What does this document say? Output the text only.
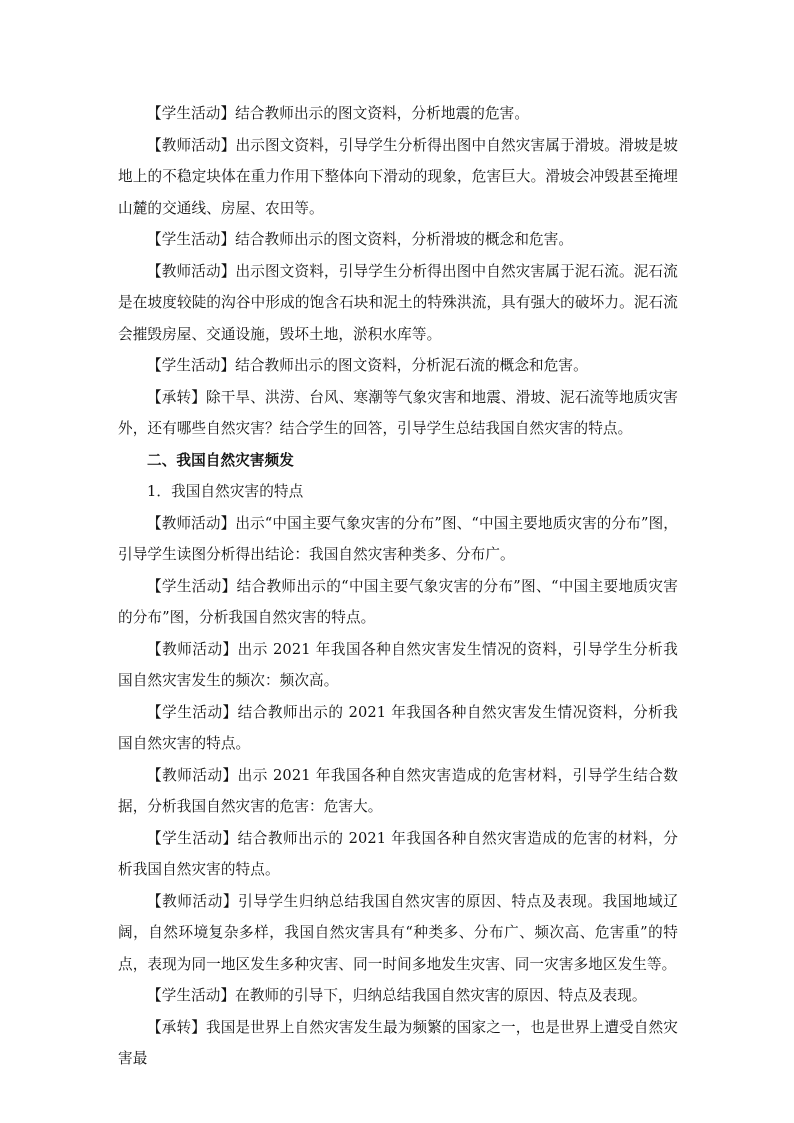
【学生活动】结合教师出示的图文资料，分析地震的危害。

【教师活动】出示图文资料，引导学生分析得出图中自然灾害属于滑坡。滑坡是坡地上的不稳定块体在重力作用下整体向下滑动的现象，危害巨大。滑坡会冲毁甚至掩埋山麓的交通线、房屋、农田等。

【学生活动】结合教师出示的图文资料，分析滑坡的概念和危害。

【教师活动】出示图文资料，引导学生分析得出图中自然灾害属于泥石流。泥石流是在坡度较陡的沟谷中形成的饱含石块和泥土的特殊洪流，具有强大的破坏力。泥石流会摧毁房屋、交通设施，毁坏土地，淤积水库等。

【学生活动】结合教师出示的图文资料，分析泥石流的概念和危害。

【承转】除干旱、洪涝、台风、寒潮等气象灾害和地震、滑坡、泥石流等地质灾害外，还有哪些自然灾害？结合学生的回答，引导学生总结我国自然灾害的特点。

二、我国自然灾害频发

1．我国自然灾害的特点

【教师活动】出示“中国主要气象灾害的分布”图、“中国主要地质灾害的分布”图，引导学生读图分析得出结论：我国自然灾害种类多、分布广。

【学生活动】结合教师出示的“中国主要气象灾害的分布”图、“中国主要地质灾害的分布”图，分析我国自然灾害的特点。

【教师活动】出示 2021 年我国各种自然灾害发生情况的资料，引导学生分析我国自然灾害发生的频次：频次高。

【学生活动】结合教师出示的 2021 年我国各种自然灾害发生情况资料，分析我国自然灾害的特点。

【教师活动】出示 2021 年我国各种自然灾害造成的危害材料，引导学生结合数据，分析我国自然灾害的危害：危害大。

【学生活动】结合教师出示的 2021 年我国各种自然灾害造成的危害的材料，分析我国自然灾害的特点。

【教师活动】引导学生归纳总结我国自然灾害的原因、特点及表现。我国地域辽阔，自然环境复杂多样，我国自然灾害具有“种类多、分布广、频次高、危害重”的特点，表现为同一地区发生多种灾害、同一时间多地发生灾害、同一灾害多地区发生等。

【学生活动】在教师的引导下，归纳总结我国自然灾害的原因、特点及表现。

【承转】我国是世界上自然灾害发生最为频繁的国家之一，也是世界上遭受自然灾害最
